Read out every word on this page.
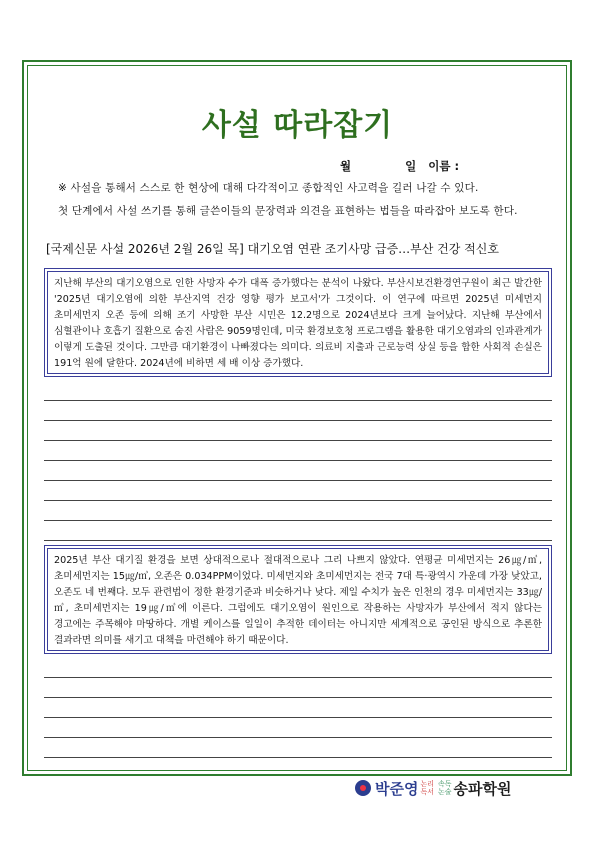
사설 따라잡기
월	일 이름 :
※ 사설을 통해서 스스로 한 현상에 대해 다각적이고 종합적인 사고력을 길러 나갈 수 있다.
첫 단계에서 사설 쓰기를 통해 글쓴이들의 문장력과 의견을 표현하는 법들을 따라잡아 보도록 한다.
[국제신문 사설 2026년 2월 26일 목] 대기오염 연관 조기사망 급증…부산 건강 적신호
지난해 부산의 대기오염으로 인한 사망자 수가 대폭 증가했다는 분석이 나왔다. 부산시보건환경연구원이 최근 발간한 '2025년 대기오염에 의한 부산지역 건강 영향 평가 보고서'가 그것이다. 이 연구에 따르면 2025년 미세먼지 초미세먼지 오존 등에 의해 조기 사망한 부산 시민은 12.2명으로 2024년보다 크게 늘어났다. 지난해 부산에서 심혈관이나 호흡기 질환으로 숨진 사람은 9059명인데, 미국 환경보호청 프로그램을 활용한 대기오염과의 인과관계가 이렇게 도출된 것이다. 그만큼 대기환경이 나빠졌다는 의미다. 의료비 지출과 근로능력 상실 등을 합한 사회적 손실은 191억 원에 달한다. 2024년에 비하면 세 배 이상 증가했다.
2025년 부산 대기질 환경을 보면 상대적으로나 절대적으로나 그리 나쁘지 않았다. 연평균 미세먼지는 26㎍/㎥, 초미세먼지는 15㎍/㎥, 오존은 0.034PPM이었다. 미세먼지와 초미세먼지는 전국 7대 특·광역시 가운데 가장 낮았고, 오존도 네 번째다. 모두 관련법이 정한 환경기준과 비슷하거나 낮다. 제일 수치가 높은 인천의 경우 미세먼지는 33㎍/㎥, 초미세먼지는 19㎍/㎥에 이른다. 그럼에도 대기오염이 원인으로 작용하는 사망자가 부산에서 적지 않다는 경고에는 주목해야 마땅하다. 개별 케이스를 일일이 추적한 데이터는 아니지만 세계적으로 공인된 방식으로 추론한 결과라면 의미를 새기고 대책을 마련해야 하기 때문이다.
박준영 논리
독서
속독
논술 송파학원
